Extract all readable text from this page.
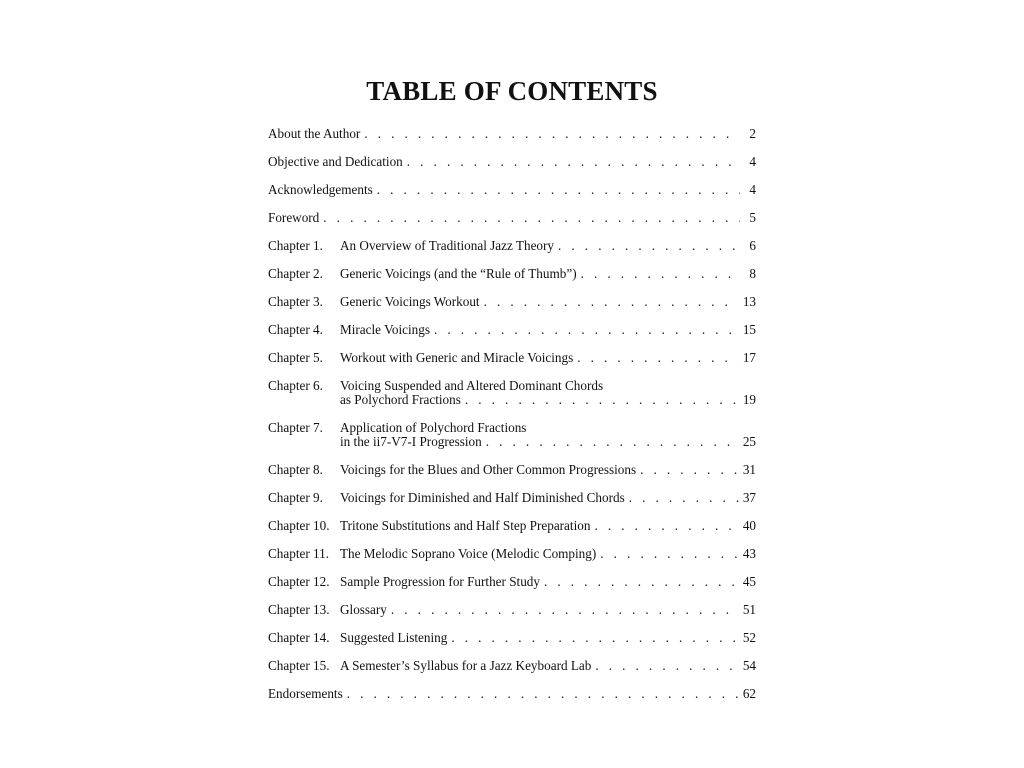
TABLE OF CONTENTS
About the Author . . .	2
Objective and Dedication . . .	4
Acknowledgements . . .	4
Foreword . . .	5
Chapter 1.	An Overview of Traditional Jazz Theory . . .	6
Chapter 2.	Generic Voicings (and the “Rule of Thumb”) . . .	8
Chapter 3.	Generic Voicings Workout . . .	13
Chapter 4.	Miracle Voicings . . .	15
Chapter 5.	Workout with Generic and Miracle Voicings . . .	17
Chapter 6.	Voicing Suspended and Altered Dominant Chords
as Polychord Fractions . . .	19
Chapter 7.	Application of Polychord Fractions
in the ii7-V7-I Progression . . .	25
Chapter 8.	Voicings for the Blues and Other Common Progressions . . .	31
Chapter 9.	Voicings for Diminished and Half Diminished Chords . . .	37
Chapter 10. Tritone Substitutions and Half Step Preparation . . .	40
Chapter 11. The Melodic Soprano Voice (Melodic Comping) . . .	43
Chapter 12. Sample Progression for Further Study . . .	45
Chapter 13. Glossary . . .	51
Chapter 14. Suggested Listening . . .	52
Chapter 15. A Semester’s Syllabus for a Jazz Keyboard Lab . . .	54
Endorsements . . .	62
